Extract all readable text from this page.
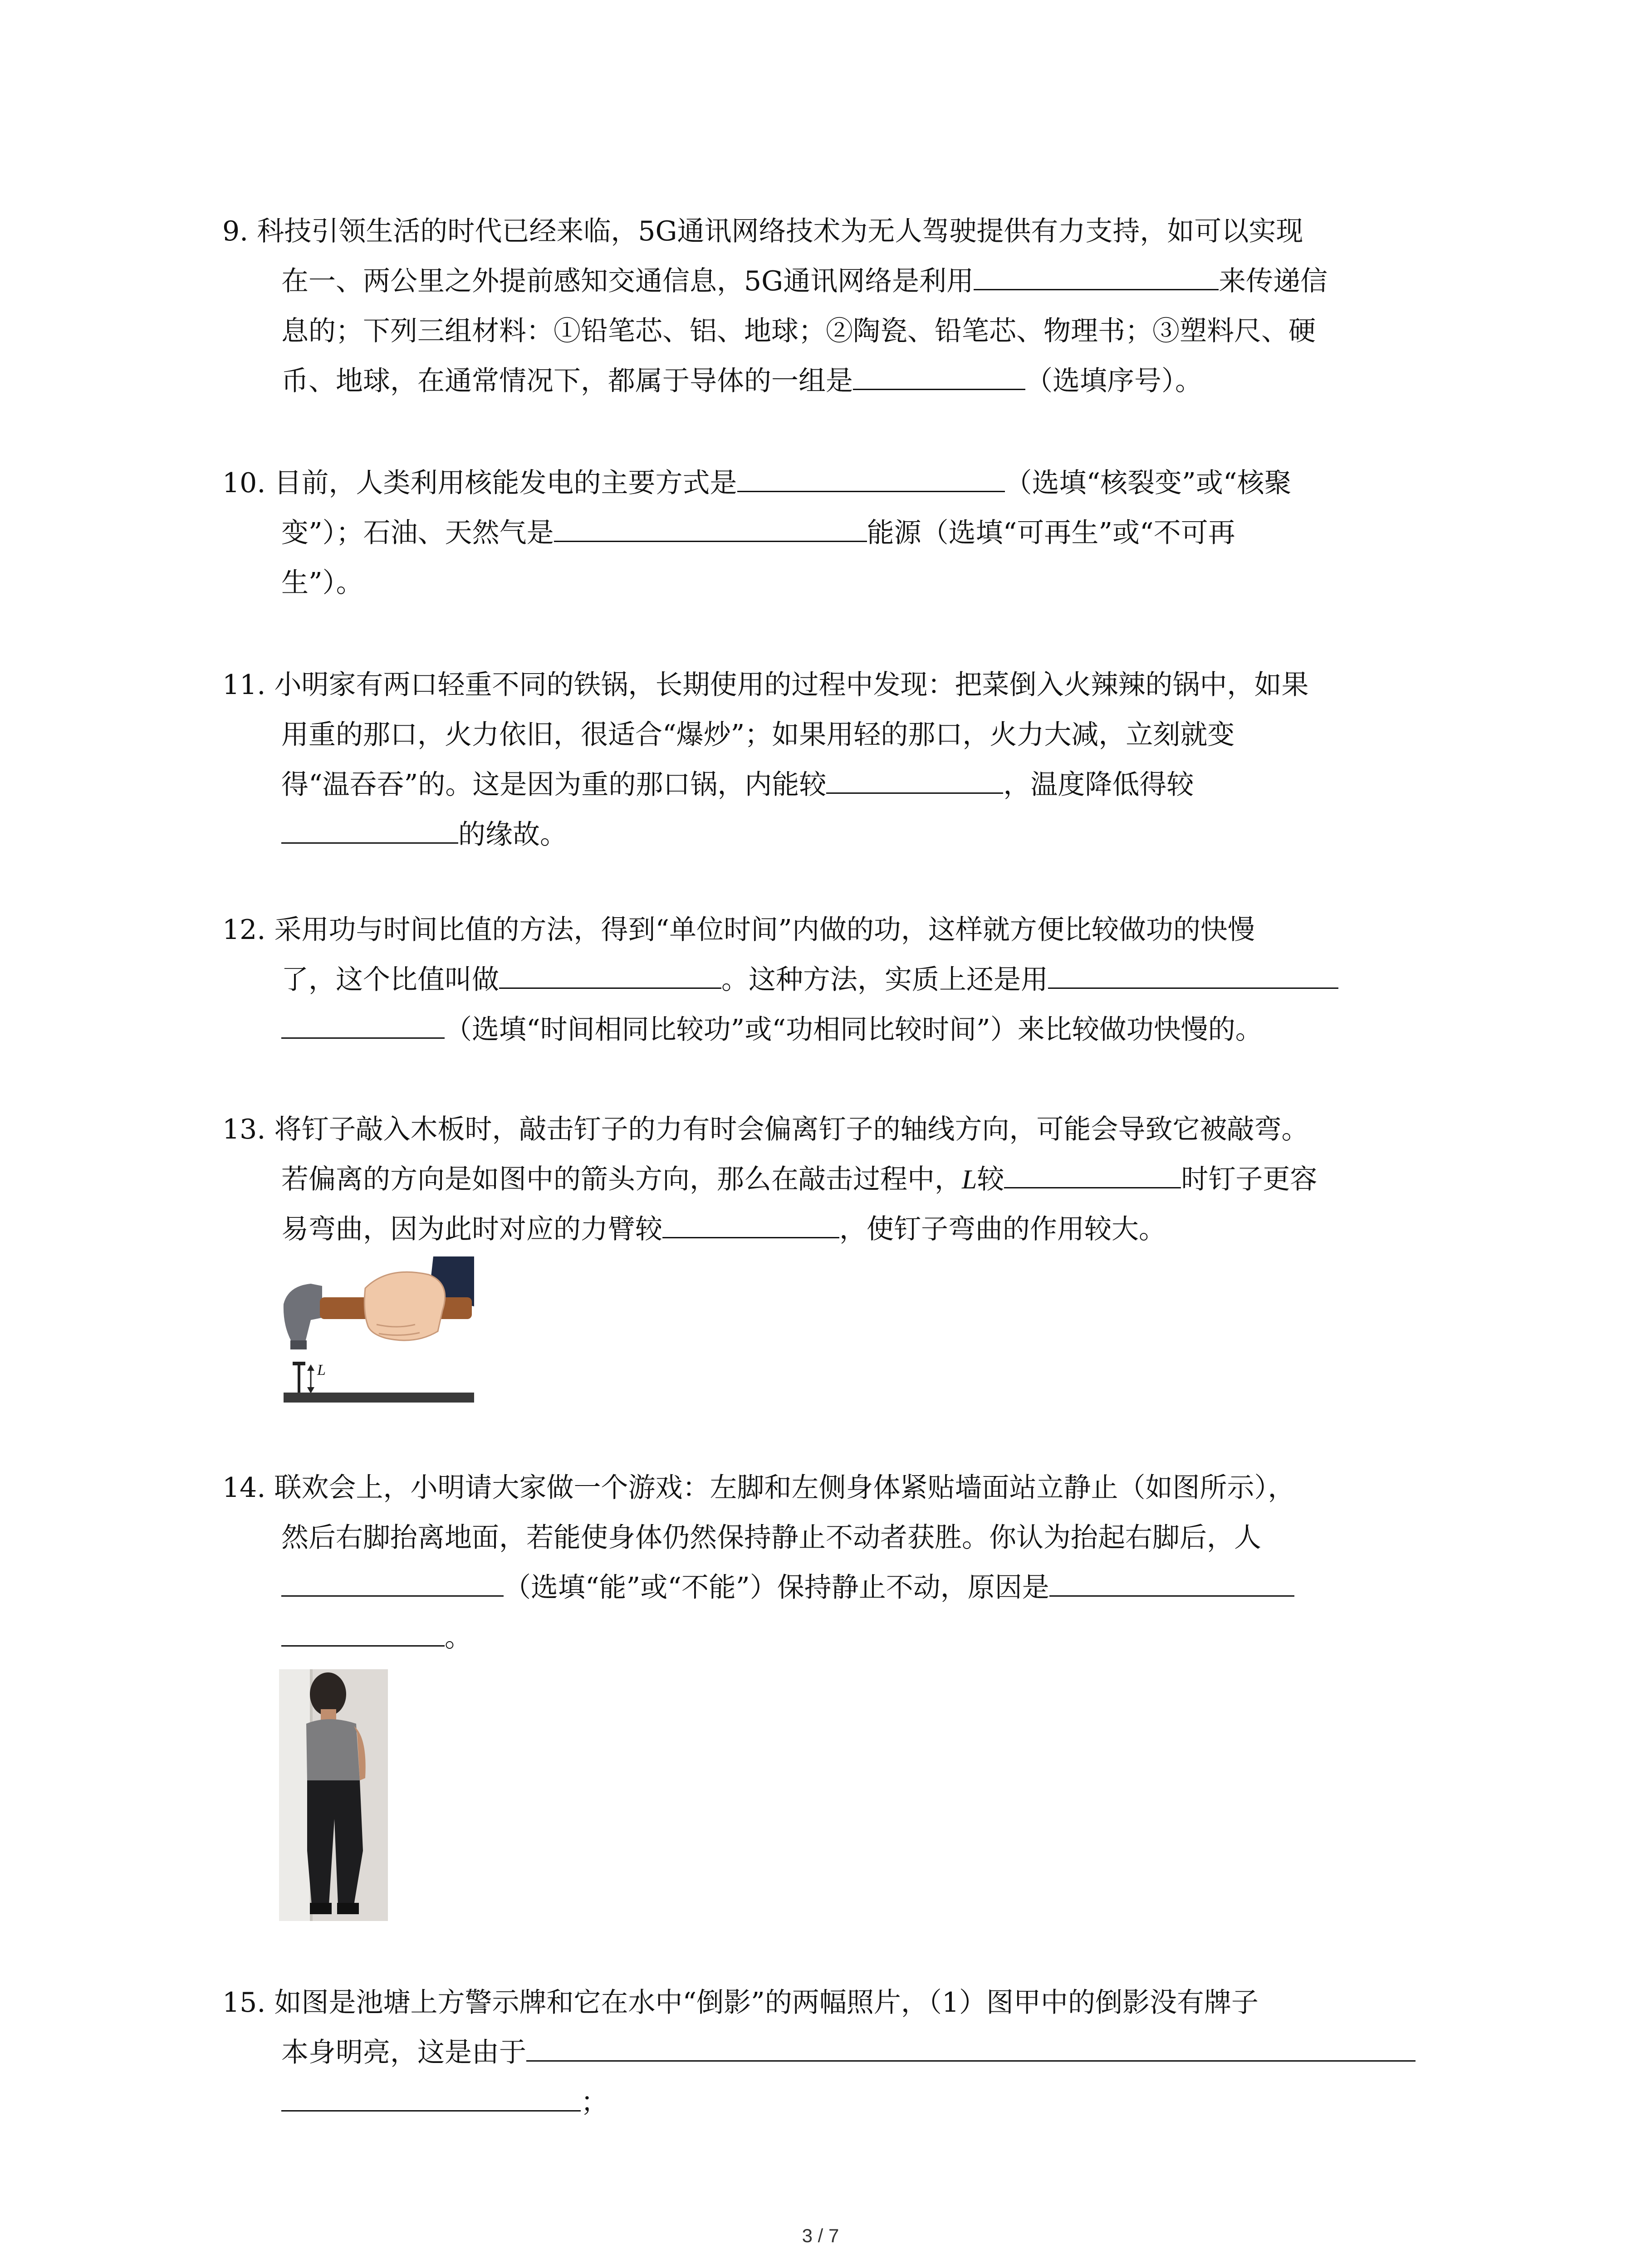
9. 科技引领生活的时代已经来临，5G通讯网络技术为无人驾驶提供有力支持，如可以实现
在一、两公里之外提前感知交通信息，5G通讯网络是利用	来传递信
息的；下列三组材料：①铅笔芯、铝、地球；②陶瓷、铅笔芯、物理书；③塑料尺、硬
币、地球，在通常情况下，都属于导体的一组是	（选填序号）。
10. 目前，人类利用核能发电的主要方式是	（选填“核裂变”或“核聚
变”）；石油、天然气是	能源（选填“可再生”或“不可再
生”）。
11. 小明家有两口轻重不同的铁锅，长期使用的过程中发现：把菜倒入火辣辣的锅中，如果
用重的那口，火力依旧，很适合“爆炒”；如果用轻的那口，火力大减，立刻就变
得“温吞吞”的。这是因为重的那口锅，内能较	，温度降低得较
的缘故。
12. 采用功与时间比值的方法，得到“单位时间”内做的功，这样就方便比较做功的快慢
了，这个比值叫做	。这种方法，实质上还是用
（选填“时间相同比较功”或“功相同比较时间”）来比较做功快慢的。
13. 将钉子敲入木板时，敲击钉子的力有时会偏离钉子的轴线方向，可能会导致它被敲弯。
若偏离的方向是如图中的箭头方向，那么在敲击过程中，L较	时钉子更容
易弯曲，因为此时对应的力臂较	，使钉子弯曲的作用较大。
L
14. 联欢会上，小明请大家做一个游戏：左脚和左侧身体紧贴墙面站立静止（如图所示），
然后右脚抬离地面，若能使身体仍然保持静止不动者获胜。你认为抬起右脚后，人
（选填“能”或“不能”）保持静止不动，原因是
。
15. 如图是池塘上方警示牌和它在水中“倒影”的两幅照片，（1）图甲中的倒影没有牌子
本身明亮，这是由于
；
3 / 7
